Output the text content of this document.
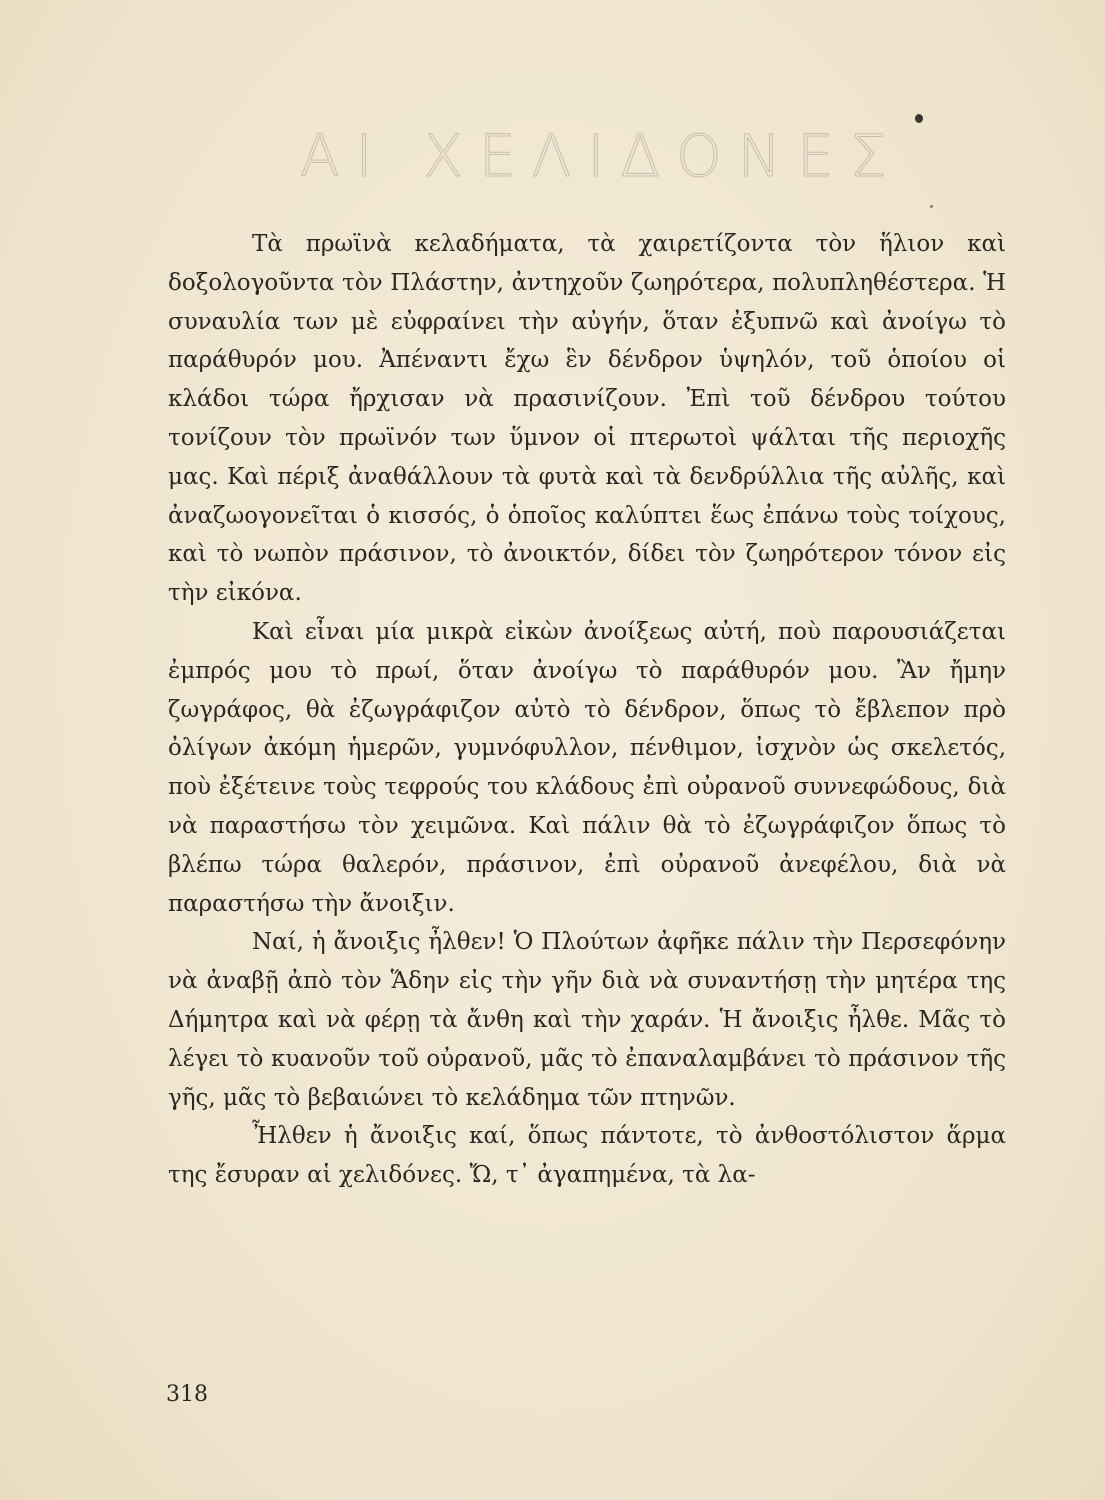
ΑΙ ΧΕΛΙΔΟΝΕΣ

Τὰ πρωϊνὰ κελαδήματα, τὰ χαιρετίζοντα τὸν ἥλιον καὶ δοξολογοῦντα τὸν Πλάστην, ἀντηχοῦν ζωηρότερα, πολυπληθέστερα. Ἡ συναυλία των μὲ εὐφραίνει τὴν αὐγήν, ὅταν ἐξυπνῶ καὶ ἀνοίγω τὸ παράθυρόν μου. Ἀπέναντι ἔχω ἓν δένδρον ὑψηλόν, τοῦ ὁποίου οἱ κλάδοι τώρα ἤρχισαν νὰ πρασινίζουν. Ἐπὶ τοῦ δένδρου τούτου τονίζουν τὸν πρωϊνόν των ὕμνον οἱ πτερωτοὶ ψάλται τῆς περιοχῆς μας. Καὶ πέριξ ἀναθάλλουν τὰ φυτὰ καὶ τὰ δενδρύλλια τῆς αὐλῆς, καὶ ἀναζωογονεῖται ὁ κισσός, ὁ ὁποῖος καλύπτει ἕως ἐπάνω τοὺς τοίχους, καὶ τὸ νωπὸν πράσινον, τὸ ἀνοικτόν, δίδει τὸν ζωηρότερον τόνον εἰς τὴν εἰκόνα.

Καὶ εἶναι μία μικρὰ εἰκὼν ἀνοίξεως αὐτή, ποὺ παρουσιάζεται ἐμπρός μου τὸ πρωί, ὅταν ἀνοίγω τὸ παράθυρόν μου. Ἂν ἤμην ζωγράφος, θὰ ἐζωγράφιζον αὐτὸ τὸ δένδρον, ὅπως τὸ ἔβλεπον πρὸ ὀλίγων ἀκόμη ἡμερῶν, γυμνόφυλλον, πένθιμον, ἰσχνὸν ὡς σκελετός, ποὺ ἐξέτεινε τοὺς τεφρούς του κλάδους ἐπὶ οὐρανοῦ συννεφώδους, διὰ νὰ παραστήσω τὸν χειμῶνα. Καὶ πάλιν θὰ τὸ ἐζωγράφιζον ὅπως τὸ βλέπω τώρα θαλερόν, πράσινον, ἐπὶ οὐρανοῦ ἀνεφέλου, διὰ νὰ παραστήσω τὴν ἄνοιξιν.

Ναί, ἡ ἄνοιξις ἦλθεν! Ὁ Πλούτων ἀφῆκε πάλιν τὴν Περσεφόνην νὰ ἀναβῇ ἀπὸ τὸν Ἅδην εἰς τὴν γῆν διὰ νὰ συναντήσῃ τὴν μητέρα της Δήμητρα καὶ νὰ φέρῃ τὰ ἄνθη καὶ τὴν χαράν. Ἡ ἄνοιξις ἦλθε. Μᾶς τὸ λέγει τὸ κυανοῦν τοῦ οὐρανοῦ, μᾶς τὸ ἐπαναλαμβάνει τὸ πράσινον τῆς γῆς, μᾶς τὸ βεβαιώνει τὸ κελάδημα τῶν πτηνῶν.

Ἦλθεν ἡ ἄνοιξις καί, ὅπως πάντοτε, τὸ ἀνθοστόλιστον ἅρμα της ἔσυραν αἱ χελιδόνες. Ὤ, τ᾽ ἀγαπημένα, τὰ λα-

318
